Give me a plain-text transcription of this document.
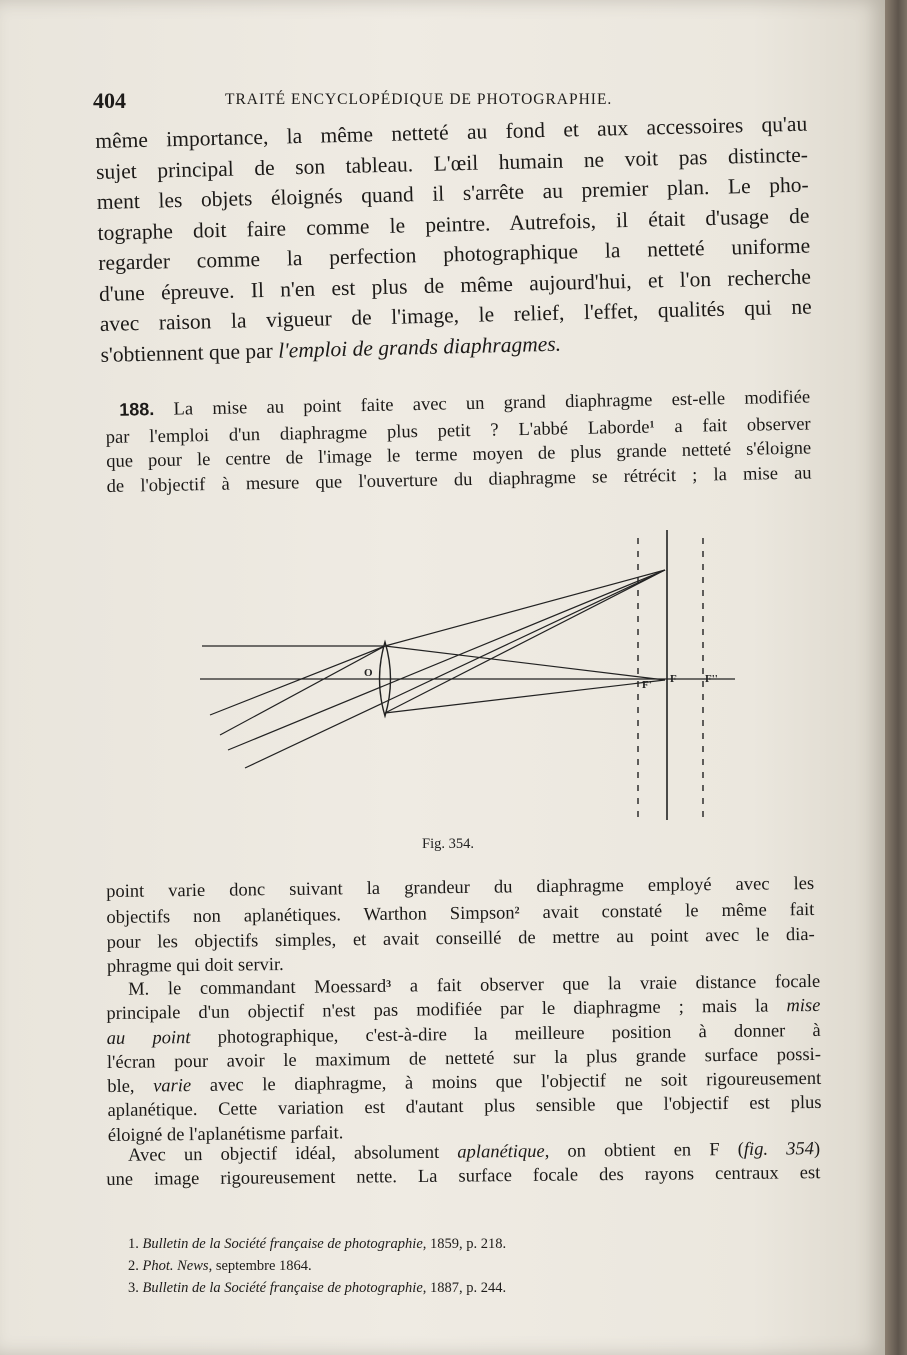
404	TRAITÉ ENCYCLOPÉDIQUE DE PHOTOGRAPHIE.
même importance, la même netteté au fond et aux accessoires qu'au
sujet principal de son tableau. L'œil humain ne voit pas distincte-
ment les objets éloignés quand il s'arrête au premier plan. Le pho-
tographe doit faire comme le peintre. Autrefois, il était d'usage de
regarder comme la perfection photographique la netteté uniforme
d'une épreuve. Il n'en est plus de même aujourd'hui, et l'on recherche
avec raison la vigueur de l'image, le relief, l'effet, qualités qui ne
s'obtiennent que par l'emploi de grands diaphragmes.
188. La mise au point faite avec un grand diaphragme est-elle modifiée
par l'emploi d'un diaphragme plus petit ? L'abbé Laborde$^1$ a fait observer
que pour le centre de l'image le terme moyen de plus grande netteté s'éloigne
de l'objectif à mesure que l'ouverture du diaphragme se rétrécit ; la mise au
O
F' F	F''
Fig. 354.
point varie donc suivant la grandeur du diaphragme employé avec les
objectifs non aplanétiques. Warthon Simpson$^2$ avait constaté le même fait
pour les objectifs simples, et avait conseillé de mettre au point avec le dia-
phragme qui doit servir.
M. le commandant Moessard$^3$ a fait observer que la vraie distance focale
principale d'un objectif n'est pas modifiée par le diaphragme ; mais la mise
au point photographique, c'est-à-dire la meilleure position à donner à
l'écran pour avoir le maximum de netteté sur la plus grande surface possi-
ble, varie avec le diaphragme, à moins que l'objectif ne soit rigoureusement
aplanétique. Cette variation est d'autant plus sensible que l'objectif est plus
éloigné de l'aplanétisme parfait.
Avec un objectif idéal, absolument aplanétique, on obtient en F (fig. 354)
une image rigoureusement nette. La surface focale des rayons centraux est
1. Bulletin de la Société française de photographie, 1859, p. 218.
2. Phot. News, septembre 1864.
3. Bulletin de la Société française de photographie, 1887, p. 244.
